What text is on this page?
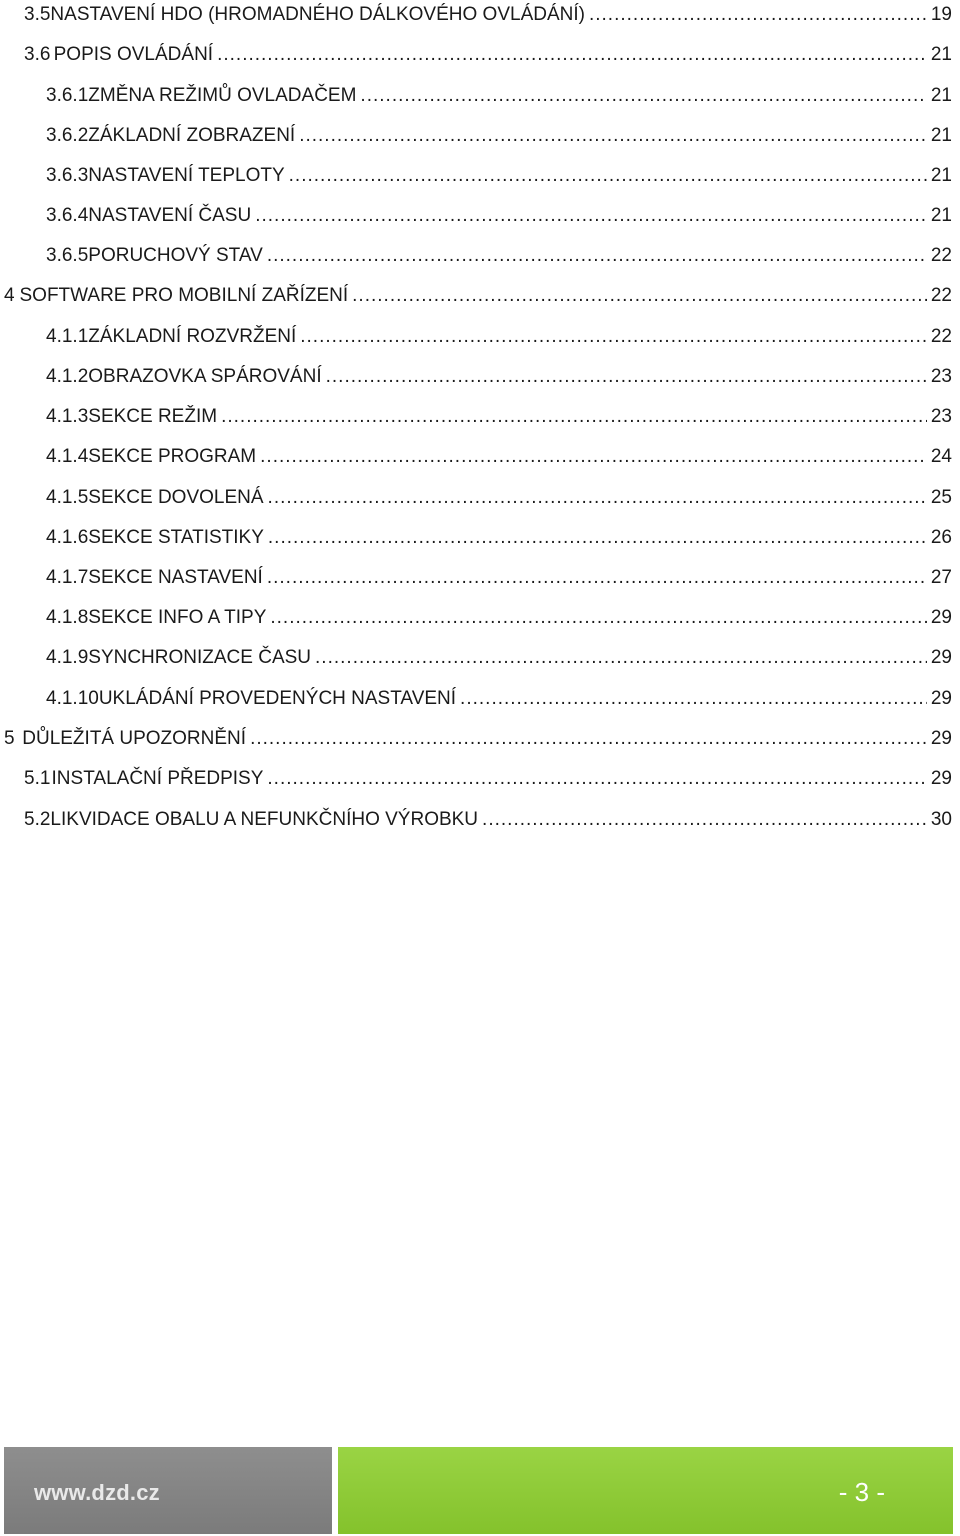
3.5 NASTAVENÍ HDO (HROMADNÉHO DÁLKOVÉHO OVLÁDÁNÍ) .....	19
3.6 POPIS OVLÁDÁNÍ .....	21
3.6.1 ZMĚNA REŽIMŮ OVLADAČEM .....	21
3.6.2 ZÁKLADNÍ ZOBRAZENÍ .....	21
3.6.3 NASTAVENÍ TEPLOTY .....	21
3.6.4 NASTAVENÍ ČASU .....	21
3.6.5 PORUCHOVÝ STAV .....	22
4 SOFTWARE PRO MOBILNÍ ZAŘÍZENÍ .....	22
4.1.1 ZÁKLADNÍ ROZVRŽENÍ .....	22
4.1.2 OBRAZOVKA SPÁROVÁNÍ .....	23
4.1.3 SEKCE REŽIM .....	23
4.1.4 SEKCE PROGRAM .....	24
4.1.5 SEKCE DOVOLENÁ .....	25
4.1.6 SEKCE STATISTIKY .....	26
4.1.7 SEKCE NASTAVENÍ .....	27
4.1.8 SEKCE INFO A TIPY .....	29
4.1.9 SYNCHRONIZACE ČASU .....	29
4.1.10 UKLÁDÁNÍ PROVEDENÝCH NASTAVENÍ .....	29
5 DŮLEŽITÁ UPOZORNĚNÍ .....	29
5.1 INSTALAČNÍ PŘEDPISY .....	29
5.2 LIKVIDACE OBALU A NEFUNKČNÍHO VÝROBKU .....	30
www.dzd.cz	- 3 -
